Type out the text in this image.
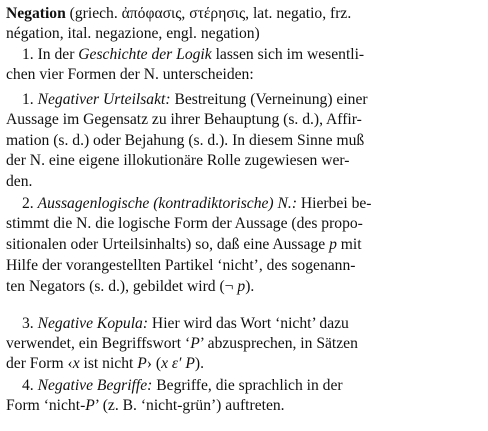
Negation (griech. ἀπόφασις, στέρησις, lat. negatio, frz.
négation, ital. negazione, engl. negation)
1. In der Geschichte der Logik lassen sich im wesentli-
chen vier Formen der N. unterscheiden:
1. Negativer Urteilsakt: Bestreitung (Verneinung) einer
Aussage im Gegensatz zu ihrer Behauptung (s. d.), Affir-
mation (s. d.) oder Bejahung (s. d.). In diesem Sinne muß
der N. eine eigene illokutionäre Rolle zugewiesen wer-
den.
2. Aussagenlogische (kontradiktorische) N.: Hierbei be-
stimmt die N. die logische Form der Aussage (des propo-
sitionalen oder Urteilsinhalts) so, daß eine Aussage p mit
Hilfe der vorangestellten Partikel ‘nicht’, des sogenann-
ten Negators (s. d.), gebildet wird (¬ p).
3. Negative Kopula: Hier wird das Wort ‘nicht’ dazu
verwendet, ein Begriffswort ‘P’ abzusprechen, in Sätzen
der Form ‹x ist nicht P› (x ε′ P).
4. Negative Begriffe: Begriffe, die sprachlich in der
Form ‘nicht-P’ (z. B. ‘nicht-grün’) auftreten.
